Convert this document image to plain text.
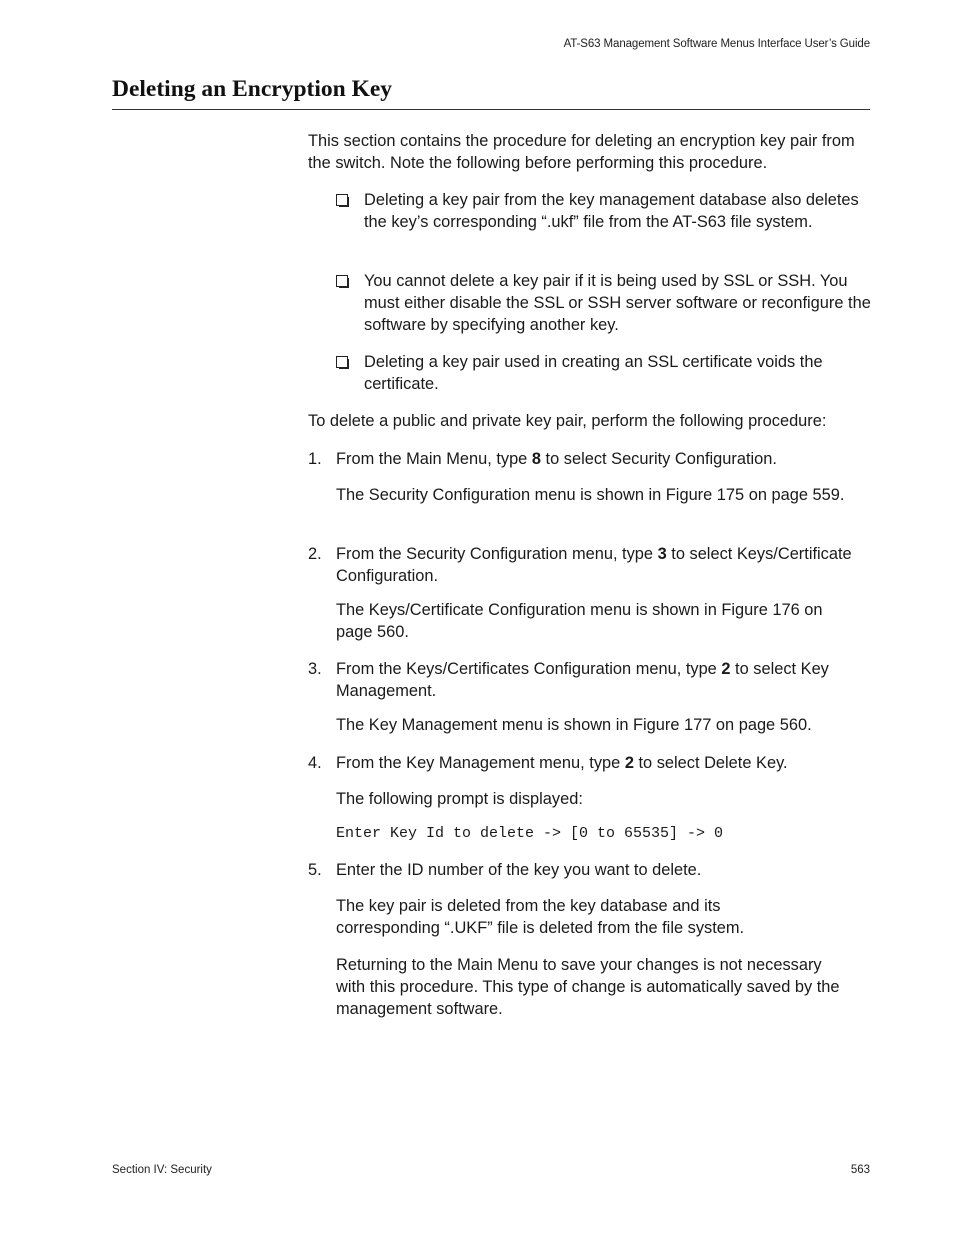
AT-S63 Management Software Menus Interface User’s Guide
Deleting an Encryption Key
This section contains the procedure for deleting an encryption key pair from the switch. Note the following before performing this procedure.
Deleting a key pair from the key management database also deletes the key’s corresponding “.ukf” file from the AT-S63 file system.
You cannot delete a key pair if it is being used by SSL or SSH. You must either disable the SSL or SSH server software or reconfigure the software by specifying another key.
Deleting a key pair used in creating an SSL certificate voids the certificate.
To delete a public and private key pair, perform the following procedure:
1. From the Main Menu, type 8 to select Security Configuration.
The Security Configuration menu is shown in Figure 175 on page 559.
2. From the Security Configuration menu, type 3 to select Keys/Certificate Configuration.
The Keys/Certificate Configuration menu is shown in Figure 176 on page 560.
3. From the Keys/Certificates Configuration menu, type 2 to select Key Management.
The Key Management menu is shown in Figure 177 on page 560.
4. From the Key Management menu, type 2 to select Delete Key.
The following prompt is displayed:
Enter Key Id to delete -> [0 to 65535] -> 0
5. Enter the ID number of the key you want to delete.
The key pair is deleted from the key database and its corresponding “.UKF” file is deleted from the file system.
Returning to the Main Menu to save your changes is not necessary with this procedure. This type of change is automatically saved by the management software.
Section IV: Security	563
